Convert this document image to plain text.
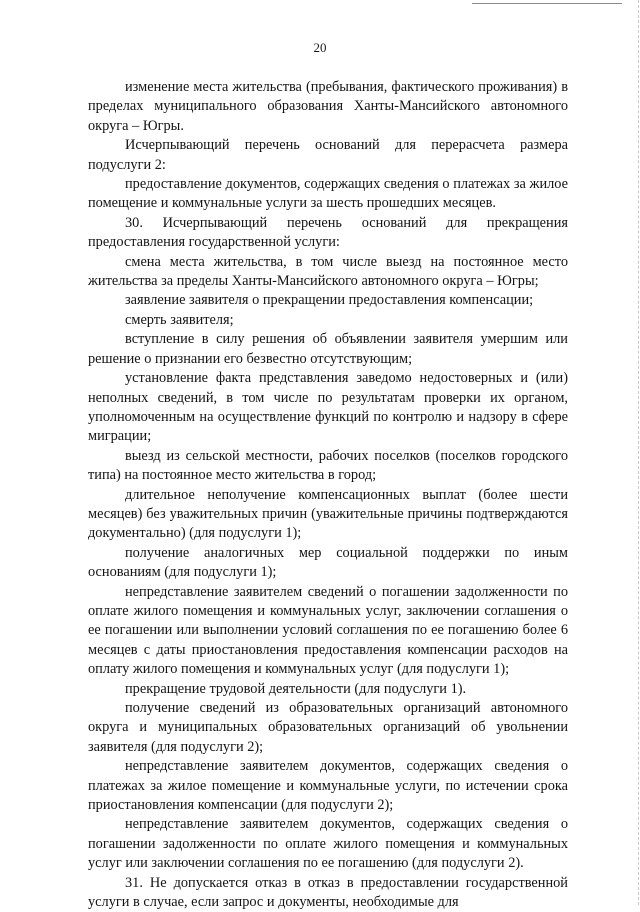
20

изменение места жительства (пребывания, фактического проживания) в пределах муниципального образования Ханты-Мансийского автономного округа – Югры.

Исчерпывающий перечень оснований для перерасчета размера подуслуги 2:

предоставление документов, содержащих сведения о платежах за жилое помещение и коммунальные услуги за шесть прошедших месяцев.

30. Исчерпывающий перечень оснований для прекращения предоставления государственной услуги:

смена места жительства, в том числе выезд на постоянное место жительства за пределы Ханты-Мансийского автономного округа – Югры;

заявление заявителя о прекращении предоставления компенсации;

смерть заявителя;

вступление в силу решения об объявлении заявителя умершим или решение о признании его безвестно отсутствующим;

установление факта представления заведомо недостоверных и (или) неполных сведений, в том числе по результатам проверки их органом, уполномоченным на осуществление функций по контролю и надзору в сфере миграции;

выезд из сельской местности, рабочих поселков (поселков городского типа) на постоянное место жительства в город;

длительное неполучение компенсационных выплат (более шести месяцев) без уважительных причин (уважительные причины подтверждаются документально) (для подуслуги 1);

получение аналогичных мер социальной поддержки по иным основаниям (для подуслуги 1);

непредставление заявителем сведений о погашении задолженности по оплате жилого помещения и коммунальных услуг, заключении соглашения о ее погашении или выполнении условий соглашения по ее погашению более 6 месяцев с даты приостановления предоставления компенсации расходов на оплату жилого помещения и коммунальных услуг (для подуслуги 1);

прекращение трудовой деятельности (для подуслуги 1).

получение сведений из образовательных организаций автономного округа и муниципальных образовательных организаций об увольнении заявителя (для подуслуги 2);

непредставление заявителем документов, содержащих сведения о платежах за жилое помещение и коммунальные услуги, по истечении срока приостановления компенсации (для подуслуги 2);

непредставление заявителем документов, содержащих сведения о погашении задолженности по оплате жилого помещения и коммунальных услуг или заключении соглашения по ее погашению (для подуслуги 2).

31. Не допускается отказ в отказ в предоставлении государственной услуги в случае, если запрос и документы, необходимые для
